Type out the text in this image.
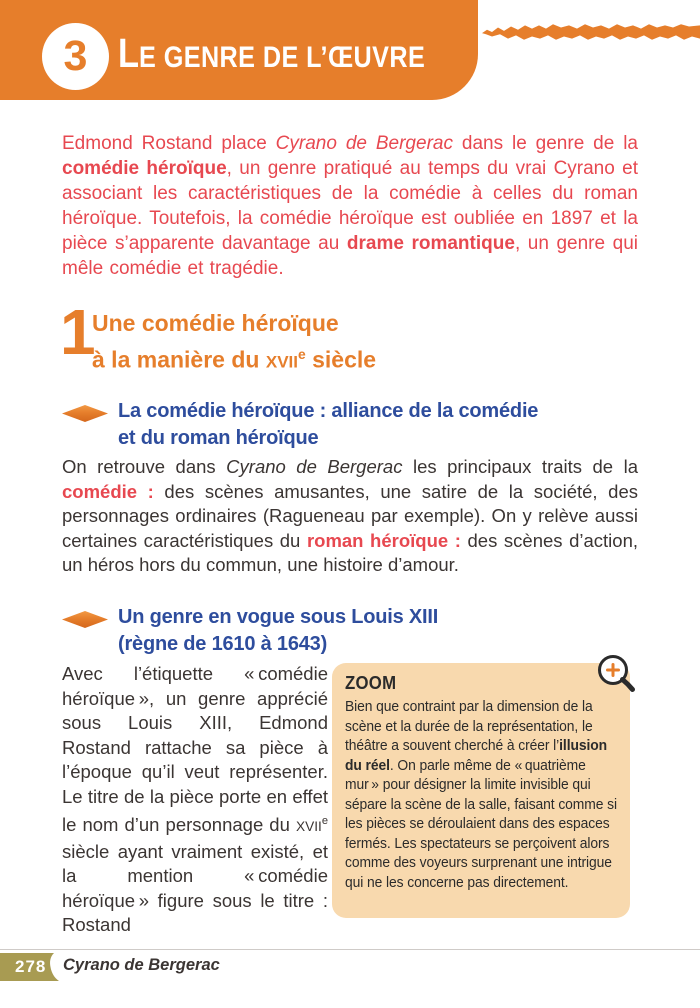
3 LE GENRE DE L’ŒUVRE

Edmond Rostand place Cyrano de Bergerac dans le genre de la comédie héroïque, un genre pratiqué au temps du vrai Cyrano et associant les caractéristiques de la comédie à celles du roman héroïque. Toutefois, la comédie héroïque est oubliée en 1897 et la pièce s’apparente davantage au drame romantique, un genre qui mêle comédie et tragédie.

1
Une comédie héroïque
à la manière du XVIIe siècle
La comédie héroïque : alliance de la comédie
et du roman héroïque

On retrouve dans Cyrano de Bergerac les principaux traits de la comédie : des scènes amusantes, une satire de la société, des personnages ordinaires (Ragueneau par exemple). On y relève aussi certaines caractéristiques du roman héroïque : des scènes d’action, un héros hors du commun, une histoire d’amour.

Un genre en vogue sous Louis XIII
(règne de 1610 à 1643)

Avec l’étiquette « comédie héroïque », un genre apprécié sous Louis XIII, Edmond Rostand rattache sa pièce à l’époque qu’il veut représenter. Le titre de la pièce porte en effet le nom d’un personnage du XVIIe siècle ayant vraiment existé, et la mention « comédie héroïque » figure sous le titre : Rostand

ZOOM
Bien que contraint par la dimension de la scène et la durée de la représentation, le théâtre a souvent cherché à créer l’illusion du réel. On parle même de « quatrième mur » pour désigner la limite invisible qui sépare la scène de la salle, faisant comme si les pièces se déroulaient dans des espaces fermés. Les spectateurs se perçoivent alors comme des voyeurs surprenant une intrigue qui ne les concerne pas directement.
278 Cyrano de Bergerac
